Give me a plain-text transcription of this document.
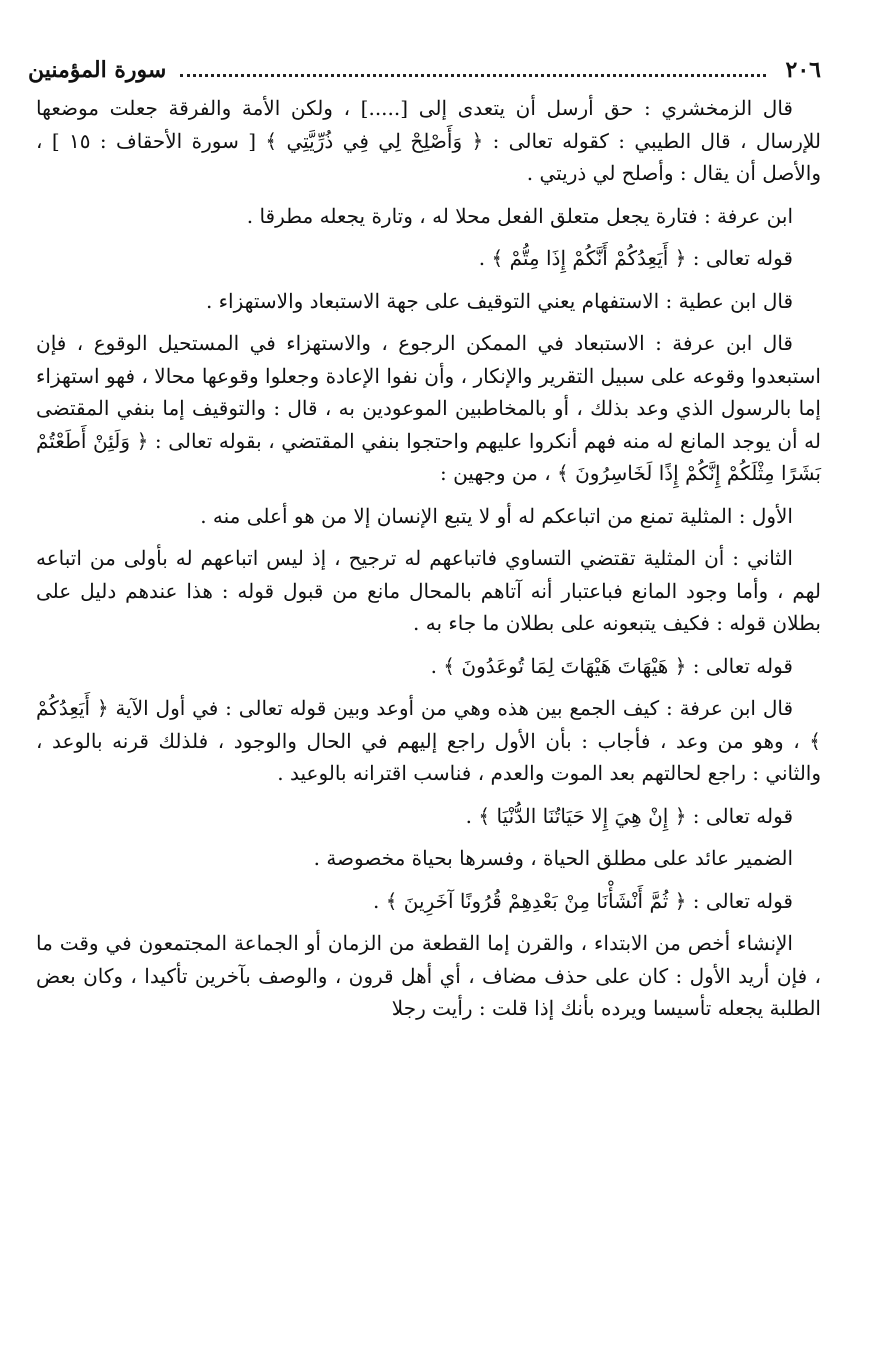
٢٠٦
سورة المؤمنين

قال الزمخشري : حق أرسل أن يتعدى إلى [.....] ، ولكن الأمة والفرقة جعلت موضعها للإرسال ، قال الطيبي : كقوله تعالى : ﴿ وَأَصْلِحْ لِي فِي ذُرِّيَّتِي ﴾ [ سورة الأحقاف : ١٥ ] ، والأصل أن يقال : وأصلح لي ذريتي .

ابن عرفة : فتارة يجعل متعلق الفعل محلا له ، وتارة يجعله مطرقا .

قوله تعالى : ﴿ أَيَعِدُكُمْ أَنَّكُمْ إِذَا مِتُّمْ ﴾ .

قال ابن عطية : الاستفهام يعني التوقيف على جهة الاستبعاد والاستهزاء .

قال ابن عرفة : الاستبعاد في الممكن الرجوع ، والاستهزاء في المستحيل الوقوع ، فإن استبعدوا وقوعه على سبيل التقرير والإنكار ، وأن نفوا الإعادة وجعلوا وقوعها محالا ، فهو استهزاء إما بالرسول الذي وعد بذلك ، أو بالمخاطبين الموعودين به ، قال : والتوقيف إما بنفي المقتضى له أن يوجد المانع له منه فهم أنكروا عليهم واحتجوا بنفي المقتضي ، بقوله تعالى : ﴿ وَلَئِنْ أَطَعْتُمْ بَشَرًا مِثْلَكُمْ إِنَّكُمْ إِذًا لَخَاسِرُونَ ﴾ ، من وجهين :

الأول : المثلية تمنع من اتباعكم له أو لا يتبع الإنسان إلا من هو أعلى منه .

الثاني : أن المثلية تقتضي التساوي فاتباعهم له ترجيح ، إذ ليس اتباعهم له بأولى من اتباعه لهم ، وأما وجود المانع فباعتبار أنه آتاهم بالمحال مانع من قبول قوله : هذا عندهم دليل على بطلان قوله : فكيف يتبعونه على بطلان ما جاء به .

قوله تعالى : ﴿ هَيْهَاتَ هَيْهَاتَ لِمَا تُوعَدُونَ ﴾ .

قال ابن عرفة : كيف الجمع بين هذه وهي من أوعد وبين قوله تعالى : في أول الآية ﴿ أَيَعِدُكُمْ ﴾ ، وهو من وعد ، فأجاب : بأن الأول راجع إليهم في الحال والوجود ، فلذلك قرنه بالوعد ، والثاني : راجع لحالتهم بعد الموت والعدم ، فناسب اقترانه بالوعيد .

قوله تعالى : ﴿ إِنْ هِيَ إِلا حَيَاتُنَا الدُّنْيَا ﴾ .

الضمير عائد على مطلق الحياة ، وفسرها بحياة مخصوصة .

قوله تعالى : ﴿ ثُمَّ أَنْشَأْنَا مِنْ بَعْدِهِمْ قُرُونًا آخَرِينَ ﴾ .

الإنشاء أخص من الابتداء ، والقرن إما القطعة من الزمان أو الجماعة المجتمعون في وقت ما ، فإن أريد الأول : كان على حذف مضاف ، أي أهل قرون ، والوصف بآخرين تأكيدا ، وكان بعض الطلبة يجعله تأسيسا ويرده بأنك إذا قلت : رأيت رجلا
